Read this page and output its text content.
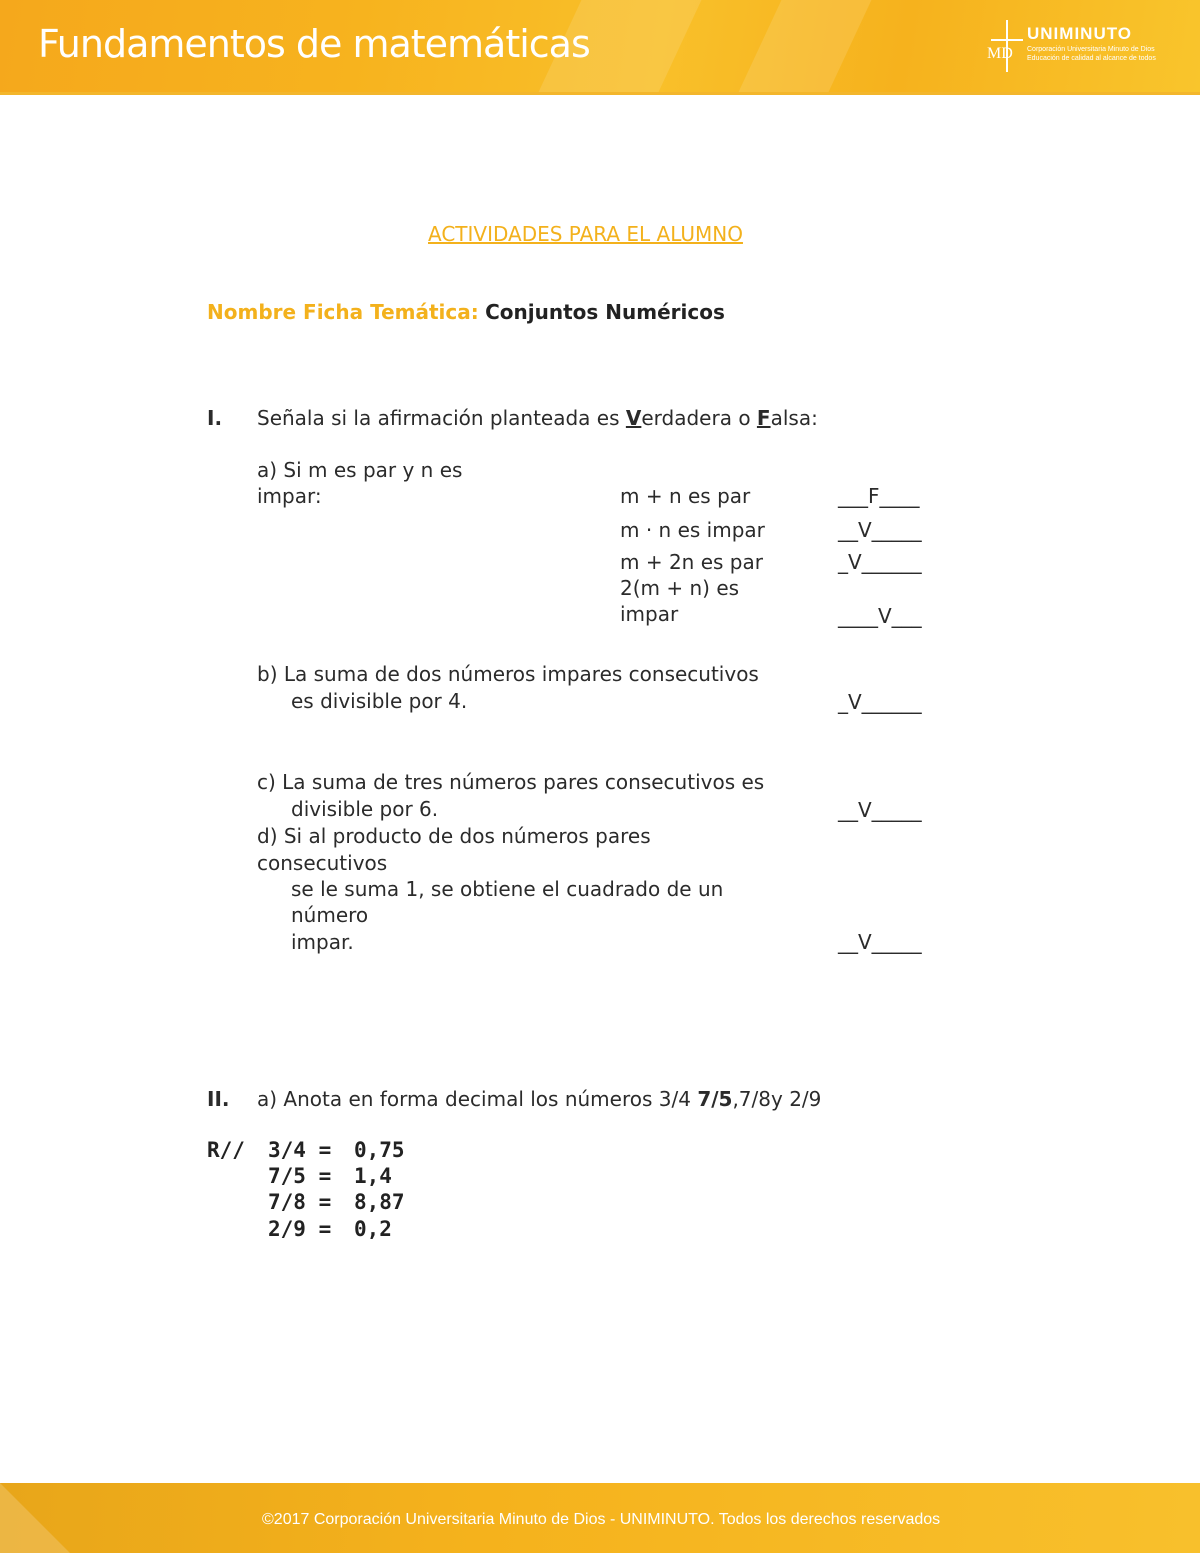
Fundamentos de matemáticas	MD
UNIMINUTO
Corporación Universitaria Minuto de Dios
Educación de calidad al alcance de todos
ACTIVIDADES PARA EL ALUMNO
Nombre Ficha Temática: Conjuntos Numéricos
I. Señala si la afirmación planteada es Verdadera o Falsa:
a) Si m es par y n es
impar:	m + n es par	___F____
m · n es impar	__V_____
m + 2n es par	_V______
2(m + n) es
impar	____V___
b) La suma de dos números impares consecutivos
es divisible por 4.	_V______
c) La suma de tres números pares consecutivos es
divisible por 6.	__V_____
d) Si al producto de dos números pares
consecutivos
se le suma 1, se obtiene el cuadrado de un
número
impar.	__V_____
II. a) Anota en forma decimal los números 3/4 7/5,7/8y 2/9
R// 3/4 = 0,75
7/5 = 1,4
7/8 = 8,87
2/9 = 0,2
©2017 Corporación Universitaria Minuto de Dios - UNIMINUTO. Todos los derechos reservados
